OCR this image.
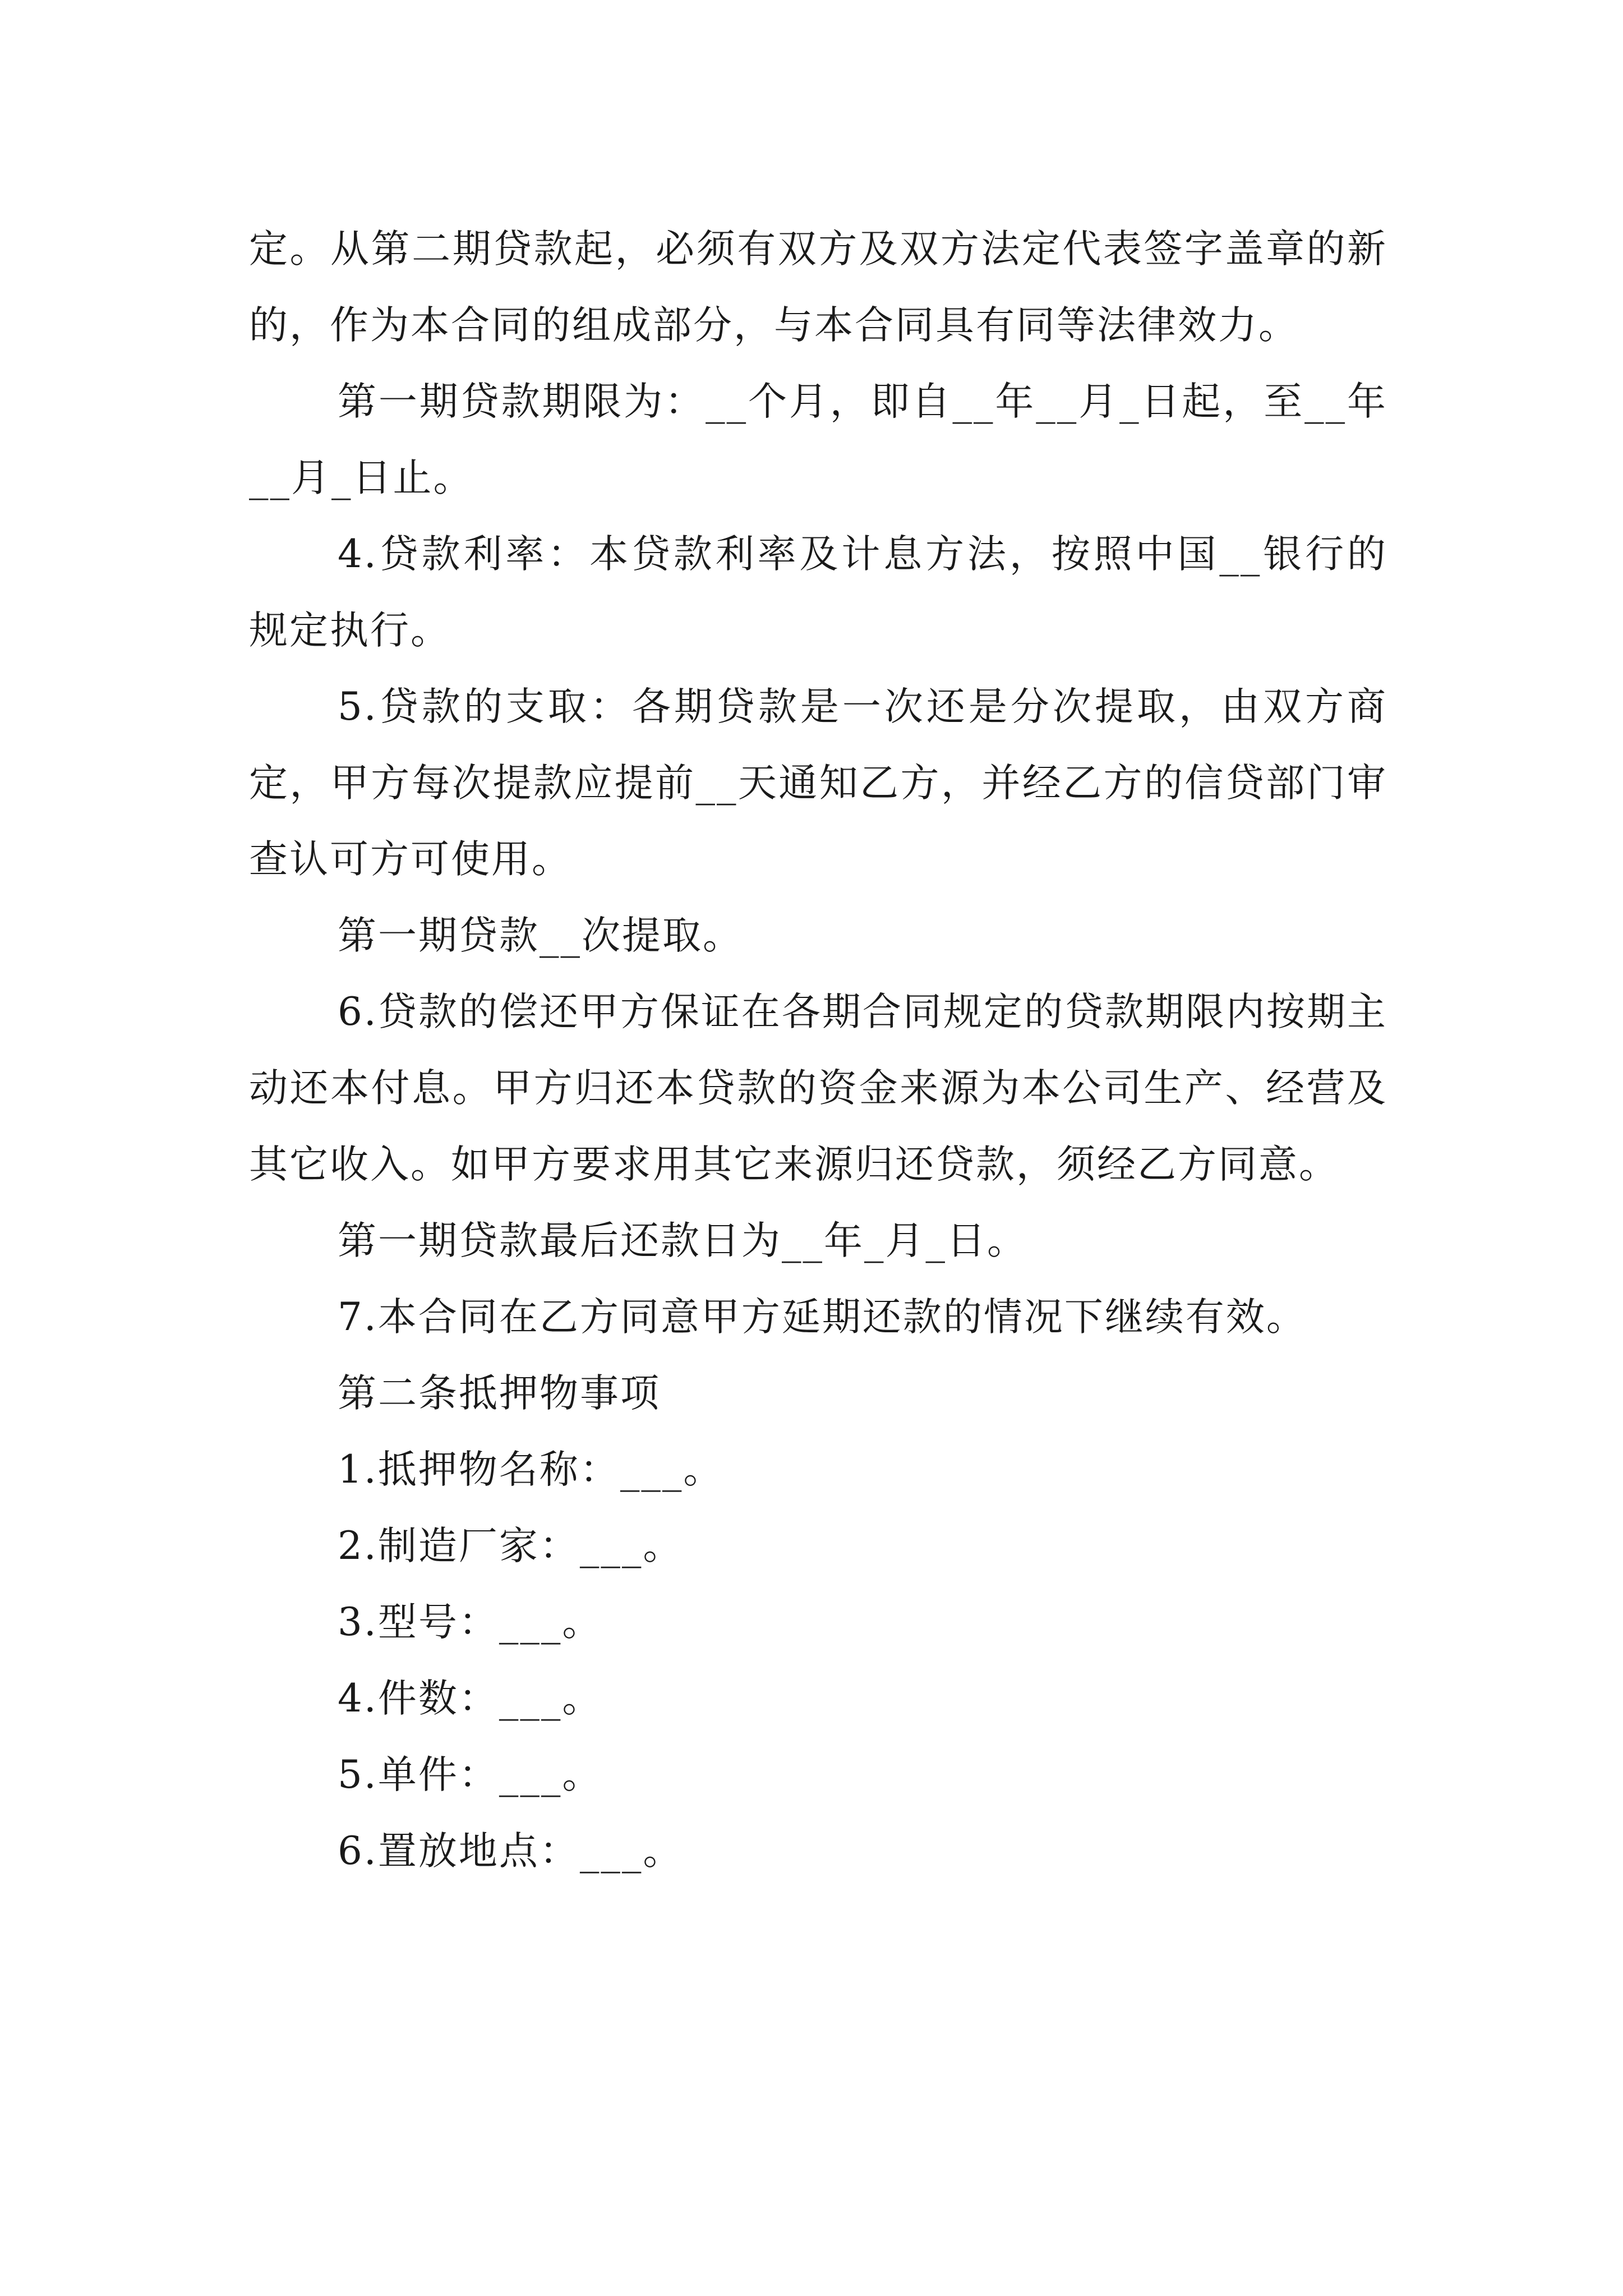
定。从第二期贷款起，必须有双方及双方法定代表签字盖章的新的，作为本合同的组成部分，与本合同具有同等法律效力。

第一期贷款期限为：__个月，即自__年__月_日起，至__年__月_日止。

4.贷款利率：本贷款利率及计息方法，按照中国__银行的规定执行。

5.贷款的支取：各期贷款是一次还是分次提取，由双方商定，甲方每次提款应提前__天通知乙方，并经乙方的信贷部门审查认可方可使用。

第一期贷款__次提取。

6.贷款的偿还甲方保证在各期合同规定的贷款期限内按期主动还本付息。甲方归还本贷款的资金来源为本公司生产、经营及其它收入。如甲方要求用其它来源归还贷款，须经乙方同意。

第一期贷款最后还款日为__年_月_日。

7.本合同在乙方同意甲方延期还款的情况下继续有效。

第二条抵押物事项

1.抵押物名称：___。

2.制造厂家：___。

3.型号：___。

4.件数：___。

5.单件：___。

6.置放地点：___。
